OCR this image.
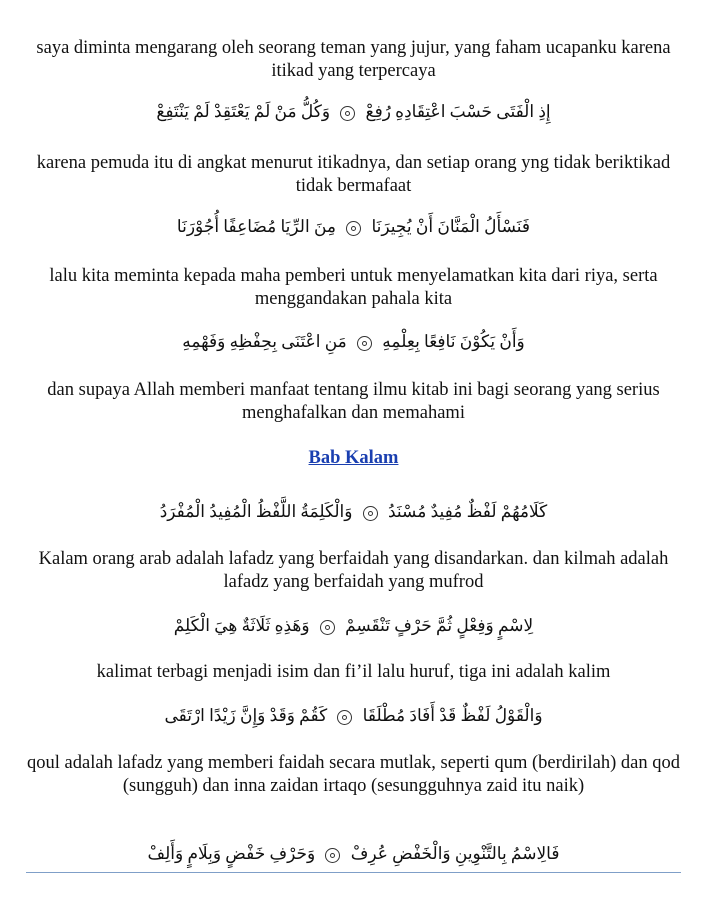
saya diminta mengarang oleh seorang teman yang jujur, yang faham ucapanku karena itikad yang terpercaya
إِذِ الْفَتَى حَسْبَ اعْتِقَادِهِ رُفِعْ  وَكُلُّ مَنْ لَمْ يَعْتَقِدْ لَمْ يَنْتَفِعْ
karena pemuda itu di angkat menurut itikadnya, dan setiap orang yng tidak beriktikad tidak bermafaat
فَنَسْأَلُ الْمَنَّانَ أَنْ يُجِيرَنَا  مِنَ الرِّيَا مُضَاعِفًا أُجُوْرَنَا
lalu kita meminta kepada maha pemberi untuk menyelamatkan kita dari riya, serta menggandakan pahala kita
وَأَنْ يَكُوْنَ نَافِعًا بِعِلْمِهِ  مَنِ اعْتَنَى بِحِفْظِهِ وَفَهْمِهِ
dan supaya Allah memberi manfaat tentang ilmu kitab ini bagi seorang yang serius menghafalkan dan memahami
Bab Kalam
كَلَامُهُمْ لَفْظٌ مُفِيدٌ مُسْنَدُ  وَالْكَلِمَةُ اللَّفْظُ الْمُفِيدُ الْمُفْرَدُ
Kalam orang arab adalah lafadz yang berfaidah yang disandarkan. dan kilmah adalah lafadz yang berfaidah yang mufrod
لِاسْمٍ وَفِعْلٍ ثُمَّ حَرْفٍ تَنْقَسِمْ  وَهَذِهِ ثَلَاثَةٌ هِيَ الْكَلِمْ
kalimat terbagi menjadi isim dan fi’il lalu huruf, tiga ini adalah kalim
وَالْقَوْلُ لَفْظٌ قَدْ أَفَادَ مُطْلَقَا  كَقُمْ وَقَدْ وَإِنَّ زَيْدًا ارْتَقَى
qoul adalah lafadz yang memberi faidah secara mutlak, seperti qum (berdirilah) dan qod (sungguh) dan inna zaidan irtaqo (sesungguhnya zaid itu naik)
فَالِاسْمُ بِالتَّنْوِينِ وَالْخَفْضِ عُرِفْ  وَحَرْفِ خَفْضٍ وَبِلَامٍ وَأَلِفْ
